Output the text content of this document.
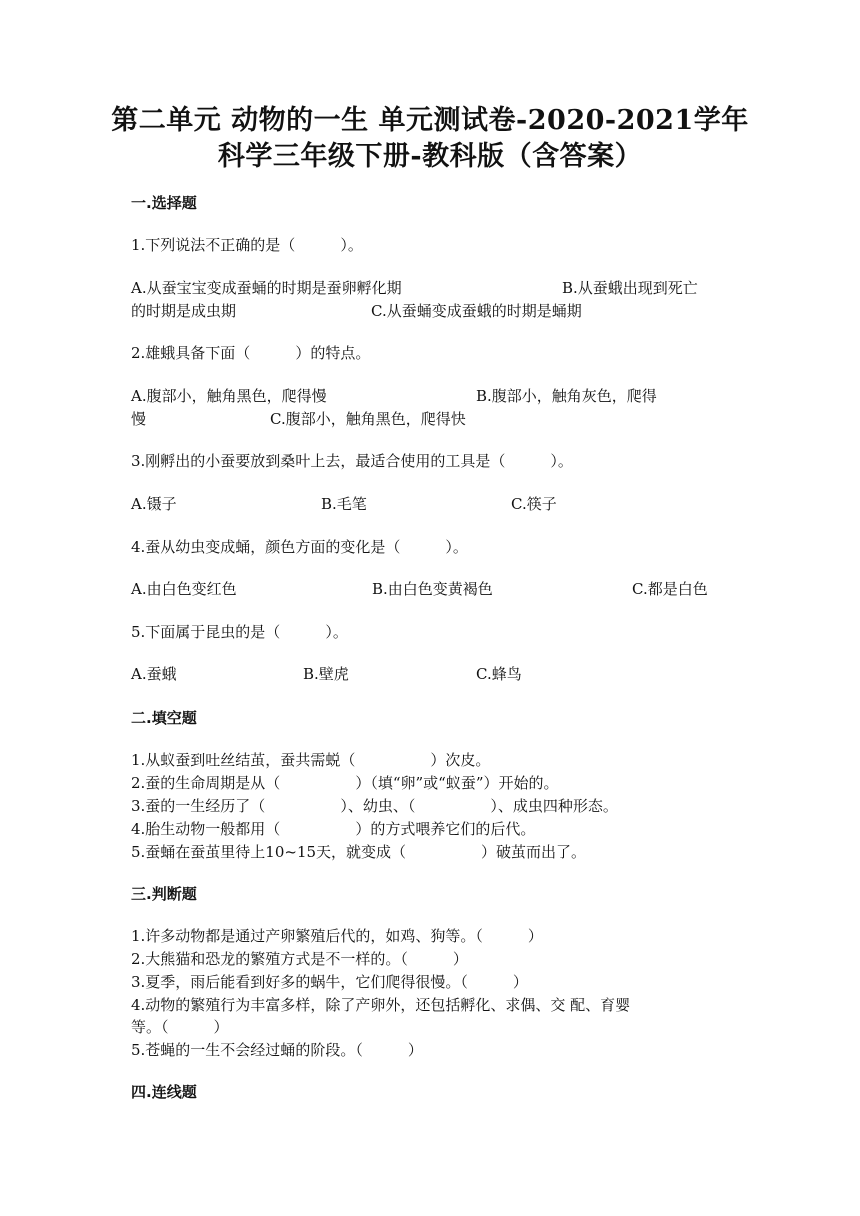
第二单元 动物的一生 单元测试卷-2020-2021学年
科学三年级下册-教科版（含答案）
一.选择题
1.下列说法不正确的是（　　　）。
A.从蚕宝宝变成蚕蛹的时期是蚕卵孵化期	B.从蚕蛾出现到死亡
的时期是成虫期	C.从蚕蛹变成蚕蛾的时期是蛹期
2.雄蛾具备下面（　　　）的特点。
A.腹部小，触角黑色，爬得慢	B.腹部小，触角灰色，爬得
慢	C.腹部小，触角黑色，爬得快
3.刚孵出的小蚕要放到桑叶上去，最适合使用的工具是（　　　）。
A.镊子	B.毛笔	C.筷子
4.蚕从幼虫变成蛹，颜色方面的变化是（　　　）。
A.由白色变红色	B.由白色变黄褐色	C.都是白色
5.下面属于昆虫的是（　　　）。
A.蚕蛾	B.壁虎	C.蜂鸟
二.填空题
1.从蚁蚕到吐丝结茧，蚕共需蜕（　　　　　）次皮。
2.蚕的生命周期是从（　　　　　）（填“卵”或“蚁蚕”）开始的。
3.蚕的一生经历了（　　　　　）、幼虫、（　　　　　）、成虫四种形态。
4.胎生动物一般都用（　　　　　）的方式喂养它们的后代。
5.蚕蛹在蚕茧里待上10~15天，就变成（　　　　　）破茧而出了。
三.判断题
1.许多动物都是通过产卵繁殖后代的，如鸡、狗等。（　　　）
2.大熊猫和恐龙的繁殖方式是不一样的。（　　　）
3.夏季，雨后能看到好多的蜗牛，它们爬得很慢。（　　　）
4.动物的繁殖行为丰富多样，除了产卵外，还包括孵化、求偶、交 配、育婴
等。（　　　）
5.苍蝇的一生不会经过蛹的阶段。（　　　）
四.连线题
